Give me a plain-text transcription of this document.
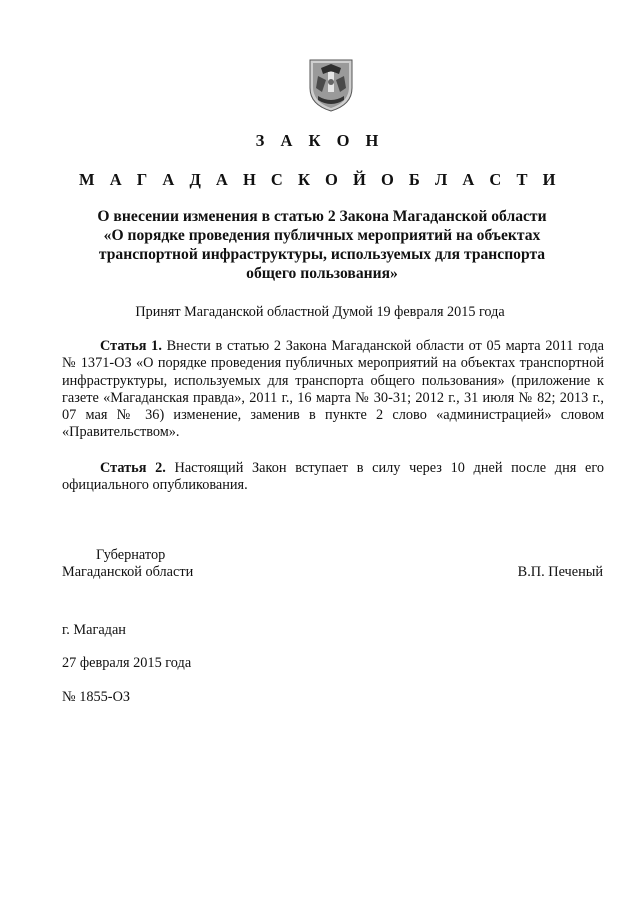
З А К О Н
М А Г А Д А Н С К О Й О Б Л А С Т И
О внесении изменения в статью 2 Закона Магаданской области
«О порядке проведения публичных мероприятий на объектах
транспортной инфраструктуры, используемых для транспорта
общего пользования»
Принят Магаданской областной Думой 19 февраля 2015 года
Статья 1. Внести в статью 2 Закона Магаданской области от 05 марта 2011 года № 1371-ОЗ «О порядке проведения публичных мероприятий на объектах транспортной инфраструктуры, используемых для транспорта общего пользования» (приложение к газете «Магаданская правда», 2011 г., 16 марта № 30-31; 2012 г., 31 июля № 82; 2013 г., 07 мая № 36) изменение, заменив в пункте 2 слово «администрацией» словом «Правительством».
Статья 2. Настоящий Закон вступает в силу через 10 дней после дня его официального опубликования.
Губернатор
Магаданской области	В.П. Печеный
г. Магадан
27 февраля 2015 года
№ 1855-ОЗ
